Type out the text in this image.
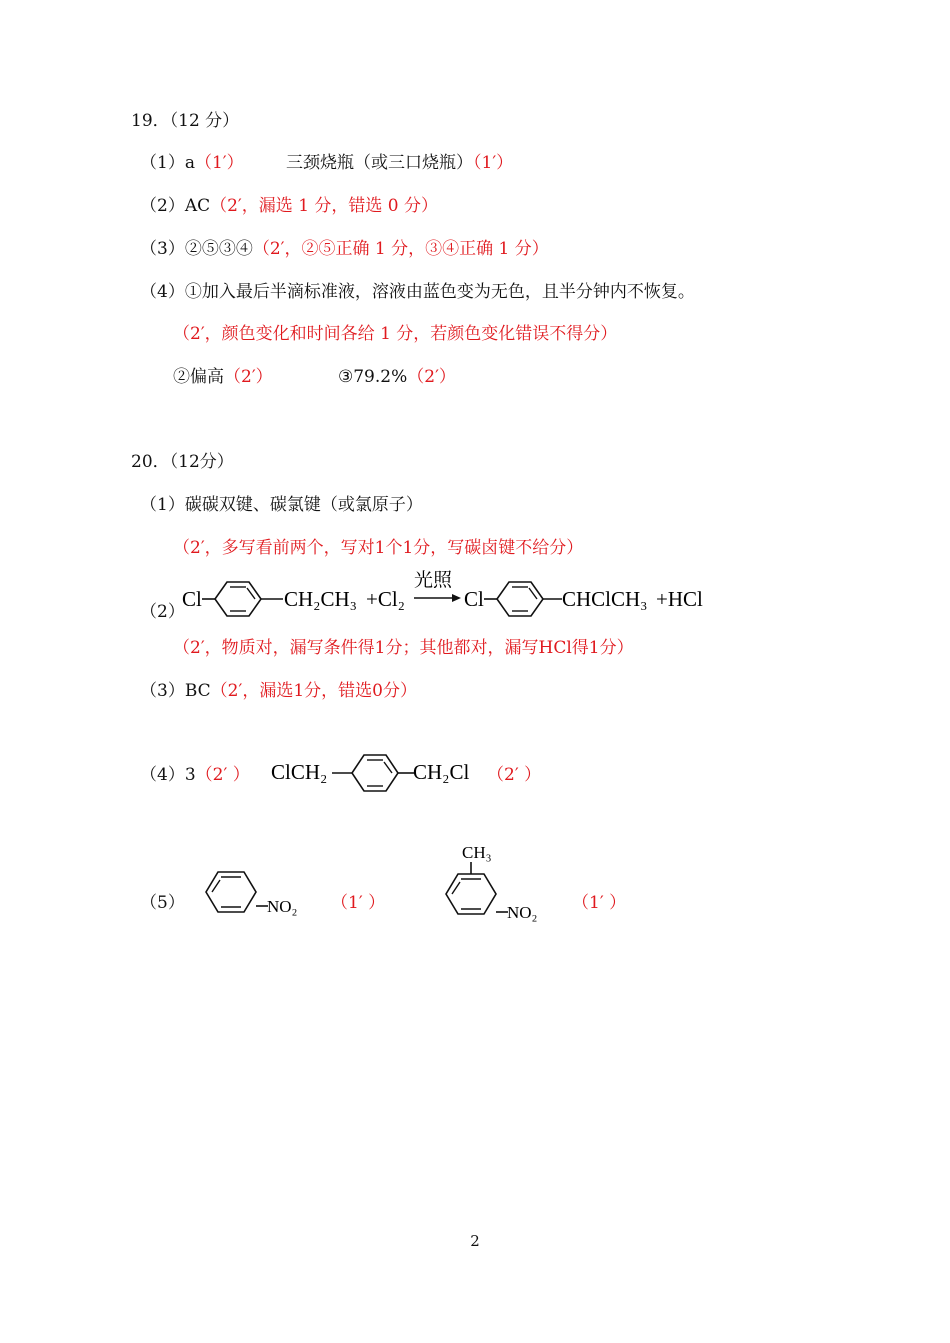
19．（12 分）
（1）a（1′） 三颈烧瓶（或三口烧瓶）（1′）
（2）AC（2′，漏选 1 分，错选 0 分）
（3）②⑤③④（2′，②⑤正确 1 分，③④正确 1 分）
（4）①加入最后半滴标准液，溶液由蓝色变为无色，且半分钟内不恢复。
（2′，颜色变化和时间各给 1 分，若颜色变化错误不得分）
②偏高（2′）	③79.2%（2′）
20．（12分）
（1）碳碳双键、碳氯键（或氯原子）
（2′，多写看前两个，写对1个1分，写碳卤键不给分）
（2）
Cl	CH₂CH₃ +Cl₂
光照
Cl	CHClCH₃ +HCl
（2′，物质对，漏写条件得1分；其他都对，漏写HCl得1分）
（3）BC（2′，漏选1分，错选0分）
（4）3（2′ ） ClCH₂	CH₂Cl （2′ ）
（5）	NO₂ （1′ ）
CH₃
NO₂ （1′ ）
2
